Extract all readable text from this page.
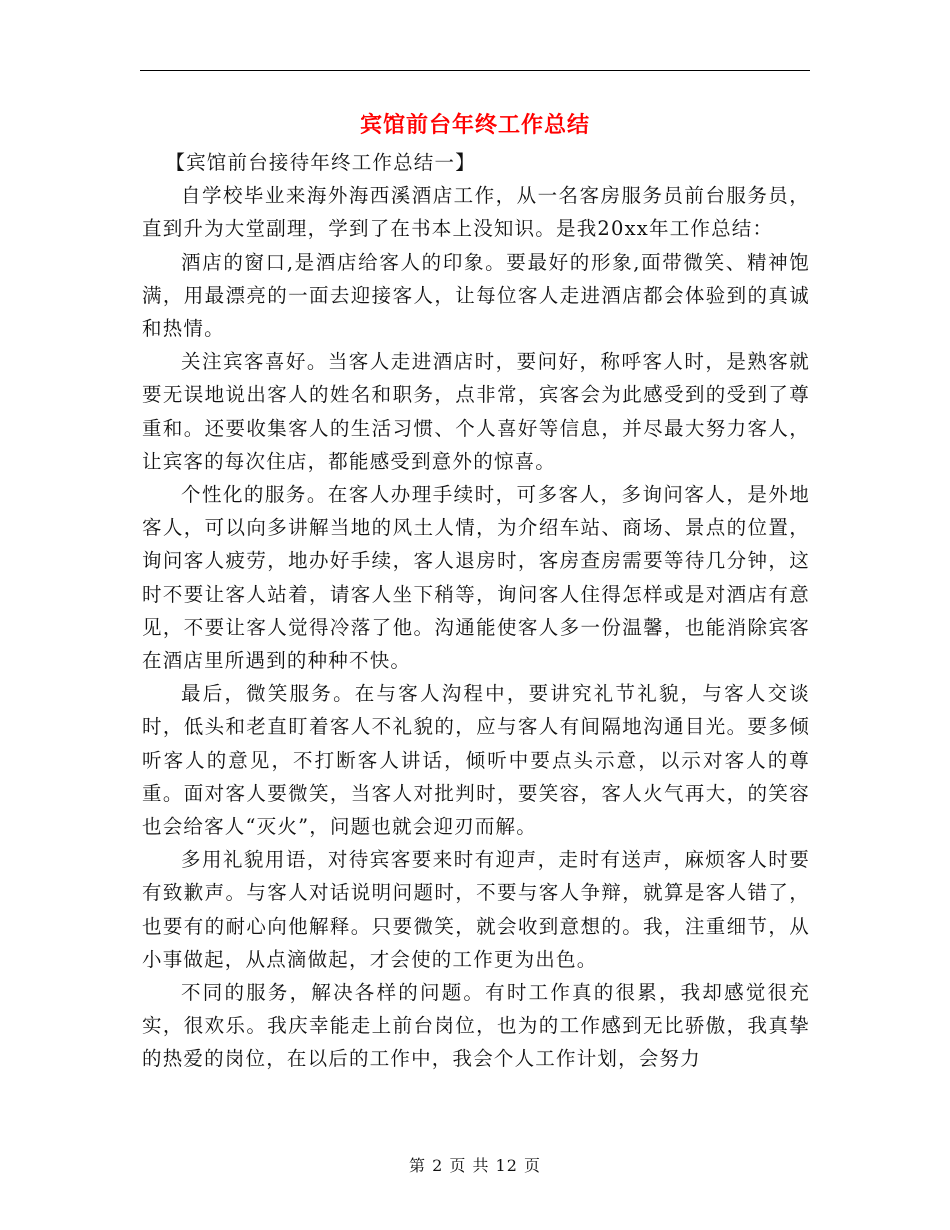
宾馆前台年终工作总结

【宾馆前台接待年终工作总结一】

自学校毕业来海外海西溪酒店工作，从一名客房服务员前台服务员，直到升为大堂副理，学到了在书本上没知识。是我20xx年工作总结：

酒店的窗口,是酒店给客人的印象。要最好的形象,面带微笑、精神饱满，用最漂亮的一面去迎接客人，让每位客人走进酒店都会体验到的真诚和热情。

关注宾客喜好。当客人走进酒店时，要问好，称呼客人时，是熟客就要无误地说出客人的姓名和职务，点非常，宾客会为此感受到的受到了尊重和。还要收集客人的生活习惯、个人喜好等信息，并尽最大努力客人，让宾客的每次住店，都能感受到意外的惊喜。

个性化的服务。在客人办理手续时，可多客人，多询问客人，是外地客人，可以向多讲解当地的风土人情，为介绍车站、商场、景点的位置，询问客人疲劳，地办好手续，客人退房时，客房查房需要等待几分钟，这时不要让客人站着，请客人坐下稍等，询问客人住得怎样或是对酒店有意见，不要让客人觉得冷落了他。沟通能使客人多一份温馨，也能消除宾客在酒店里所遇到的种种不快。

最后，微笑服务。在与客人沟程中，要讲究礼节礼貌，与客人交谈时，低头和老直盯着客人不礼貌的，应与客人有间隔地沟通目光。要多倾听客人的意见，不打断客人讲话，倾听中要点头示意，以示对客人的尊重。面对客人要微笑，当客人对批判时，要笑容，客人火气再大，的笑容也会给客人“灭火”，问题也就会迎刃而解。

多用礼貌用语，对待宾客要来时有迎声，走时有送声，麻烦客人时要有致歉声。与客人对话说明问题时，不要与客人争辩，就算是客人错了，也要有的耐心向他解释。只要微笑，就会收到意想的。我，注重细节，从小事做起，从点滴做起，才会使的工作更为出色。

不同的服务，解决各样的问题。有时工作真的很累，我却感觉很充实，很欢乐。我庆幸能走上前台岗位，也为的工作感到无比骄傲，我真挚的热爱的岗位，在以后的工作中，我会个人工作计划，会努力

第 2 页 共 12 页
